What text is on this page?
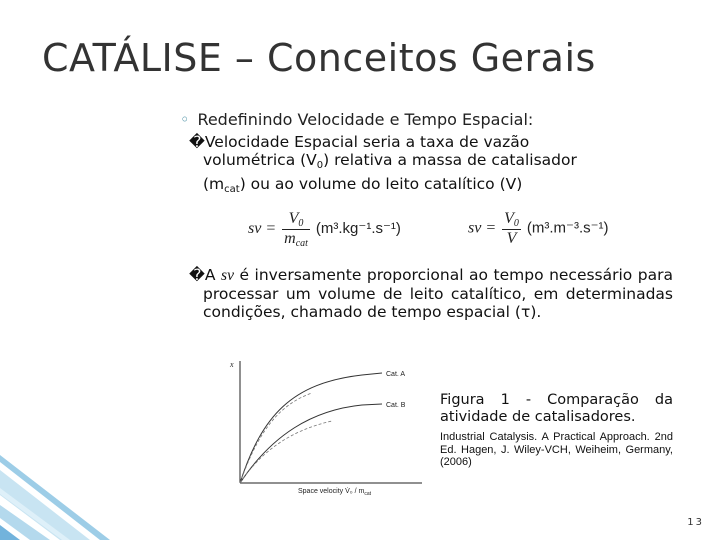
CATÁLISE – Conceitos Gerais
◦ Redefinindo Velocidade e Tempo Espacial:
�Velocidade Espacial seria a taxa de vazão
volumétrica $(V_0)$ relativa a massa de catalisador
$(m_{cat})$ ou ao volume do leito catalítico (V)
sv = $\frac{V_0}{m_{cat}} (m^3.kg^{-1}.s^{-1})$	sv = $\frac{V_0}{V} (m^3.m^{-3}.s^{-1})$
�A sv é inversamente proporcional ao tempo necessário para processar um volume de leito catalítico, em determinadas condições, chamado de tempo espacial (τ).
x
Cat. A
Cat. B
Space velocity V̇₀ / $m_{cat}$
Figura 1 - Comparação da atividade de catalisadores.
Industrial Catalysis. A Practical Approach. 2nd Ed. Hagen, J. Wiley-VCH, Weiheim, Germany, (2006)
13
